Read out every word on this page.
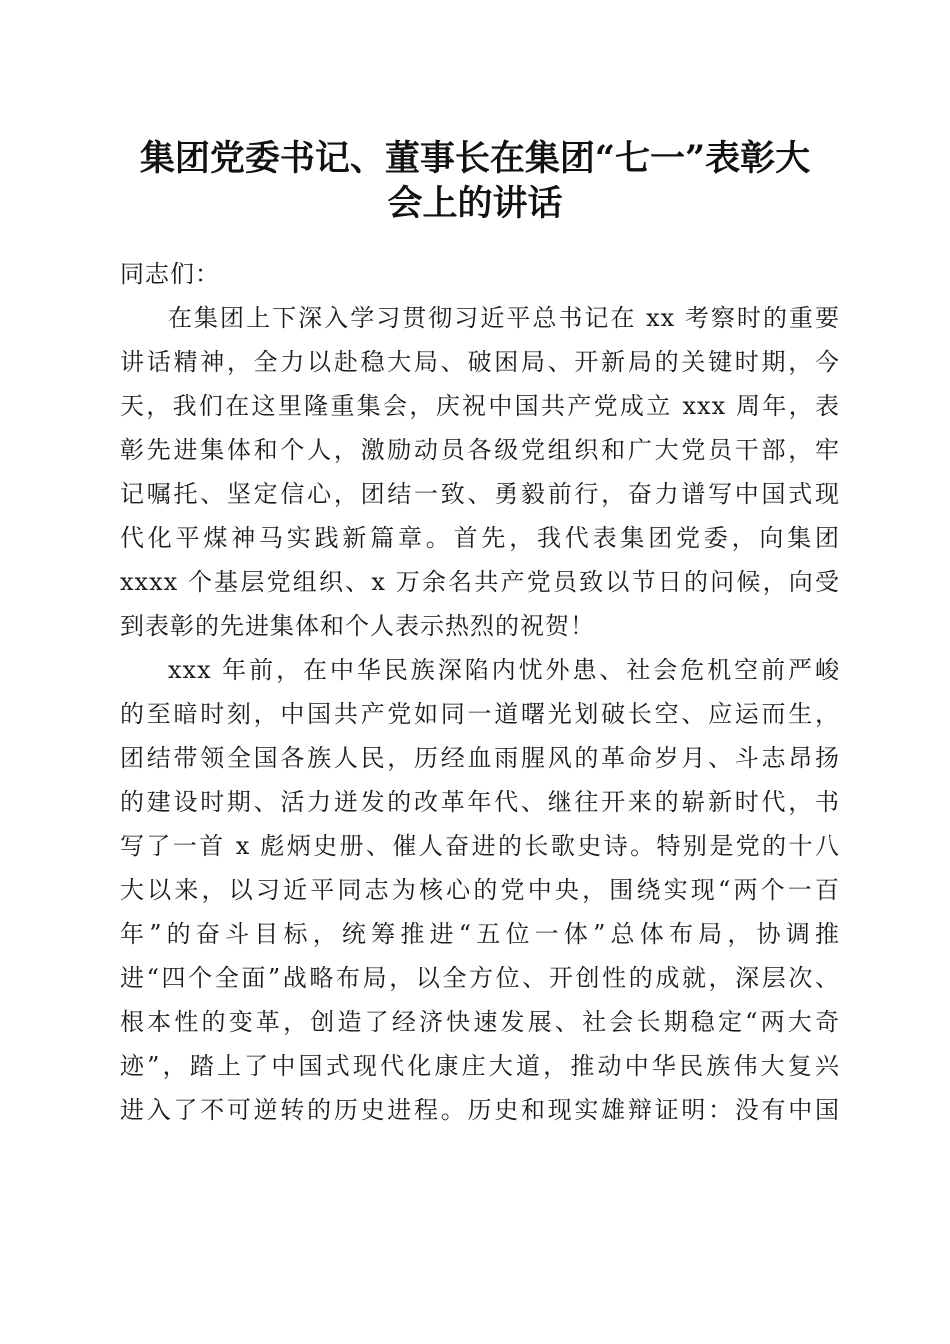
集团党委书记、董事长在集团“七一”表彰大
会上的讲话
同志们：
在集团上下深入学习贯彻习近平总书记在 xx 考察时的重要
讲话精神，全力以赴稳大局、破困局、开新局的关键时期，今
天，我们在这里隆重集会，庆祝中国共产党成立 xxx 周年，表
彰先进集体和个人，激励动员各级党组织和广大党员干部，牢
记嘱托、坚定信心，团结一致、勇毅前行，奋力谱写中国式现
代化平煤神马实践新篇章。首先，我代表集团党委，向集团
xxxx 个基层党组织、x 万余名共产党员致以节日的问候，向受
到表彰的先进集体和个人表示热烈的祝贺！
xxx 年前，在中华民族深陷内忧外患、社会危机空前严峻
的至暗时刻，中国共产党如同一道曙光划破长空、应运而生，
团结带领全国各族人民，历经血雨腥风的革命岁月、斗志昂扬
的建设时期、活力迸发的改革年代、继往开来的崭新时代，书
写了一首 x 彪炳史册、催人奋进的长歌史诗。特别是党的十八
大以来，以习近平同志为核心的党中央，围绕实现“两个一百
年”的奋斗目标，统筹推进“五位一体”总体布局，协调推
进“四个全面”战略布局，以全方位、开创性的成就，深层次、
根本性的变革，创造了经济快速发展、社会长期稳定“两大奇
迹”，踏上了中国式现代化康庄大道，推动中华民族伟大复兴
进入了不可逆转的历史进程。历史和现实雄辩证明：没有中国
